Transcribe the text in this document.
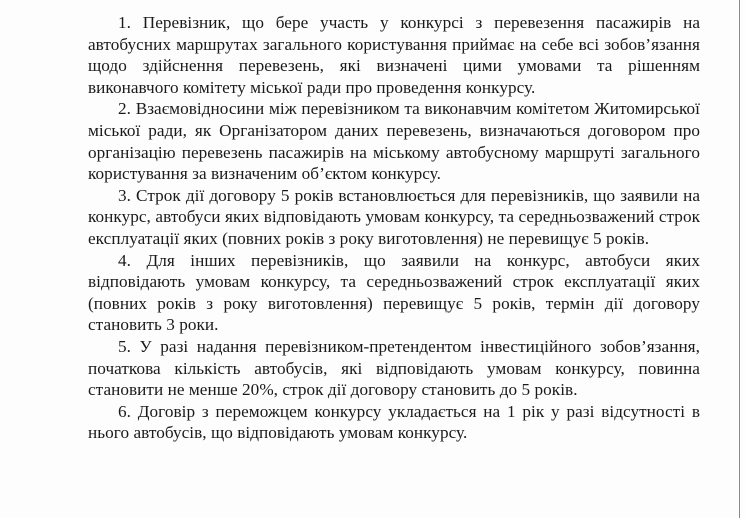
1. Перевізник, що бере участь у конкурсі з перевезення пасажирів на автобусних маршрутах загального користування приймає на себе всі зобов’язання щодо здійснення перевезень, які визначені цими умовами та рішенням виконавчого комітету міської ради про проведення конкурсу.

2. Взаємовідносини між перевізником та виконавчим комітетом Житомирської міської ради, як Організатором даних перевезень, визначаються договором про організацію перевезень пасажирів на міському автобусному маршруті загального користування за визначеним об’єктом конкурсу.

3. Строк дії договору 5 років встановлюється для перевізників, що заявили на конкурс, автобуси яких відповідають умовам конкурсу, та середньозважений строк експлуатації яких (повних років з року виготовлення) не перевищує 5 років.

4. Для інших перевізників, що заявили на конкурс, автобуси яких відповідають умовам конкурсу, та середньозважений строк експлуатації яких (повних років з року виготовлення) перевищує 5 років, термін дії договору становить 3 роки.

5. У разі надання перевізником-претендентом інвестиційного зобов’язання, початкова кількість автобусів, які відповідають умовам конкурсу, повинна становити не менше 20%, строк дії договору становить до 5 років.

6. Договір з переможцем конкурсу укладається на 1 рік у разі відсутності в нього автобусів, що відповідають умовам конкурсу.
